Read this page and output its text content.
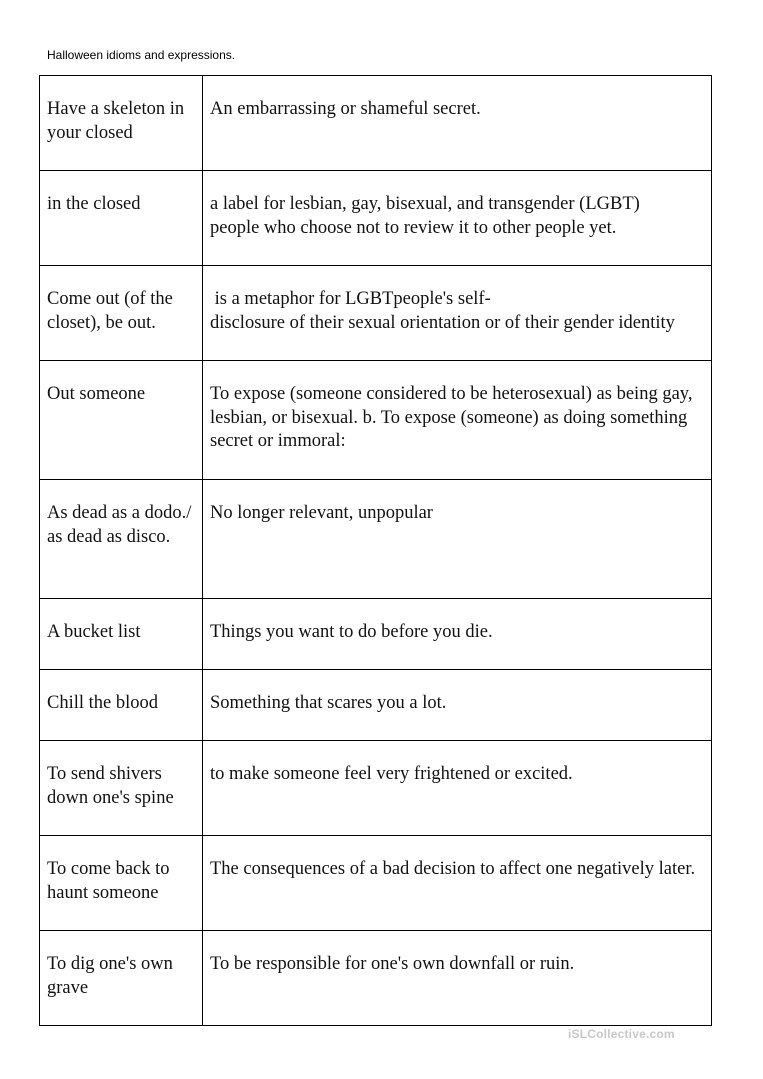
Halloween idioms and expressions.
Have a skeleton in your closed	An embarrassing or shameful secret.

in the closed	a label for lesbian, gay, bisexual, and transgender (LGBT)
people who choose not to review it to other people yet.

Come out (of the closet), be out.	is a metaphor for LGBTpeople's self-
disclosure of their sexual orientation or of their gender identity

Out someone	To expose (someone considered to be heterosexual) as being gay, lesbian, or bisexual. b. To expose (someone) as doing something secret or immoral:

As dead as a dodo./ as dead as disco.	No longer relevant, unpopular

A bucket list	Things you want to do before you die.

Chill the blood	Something that scares you a lot.

To send shivers down one's spine	to make someone feel very frightened or excited.

To come back to haunt someone	The consequences of a bad decision to affect one negatively later.

To dig one's own grave	To be responsible for one's own downfall or ruin.
iSLCollective.com
